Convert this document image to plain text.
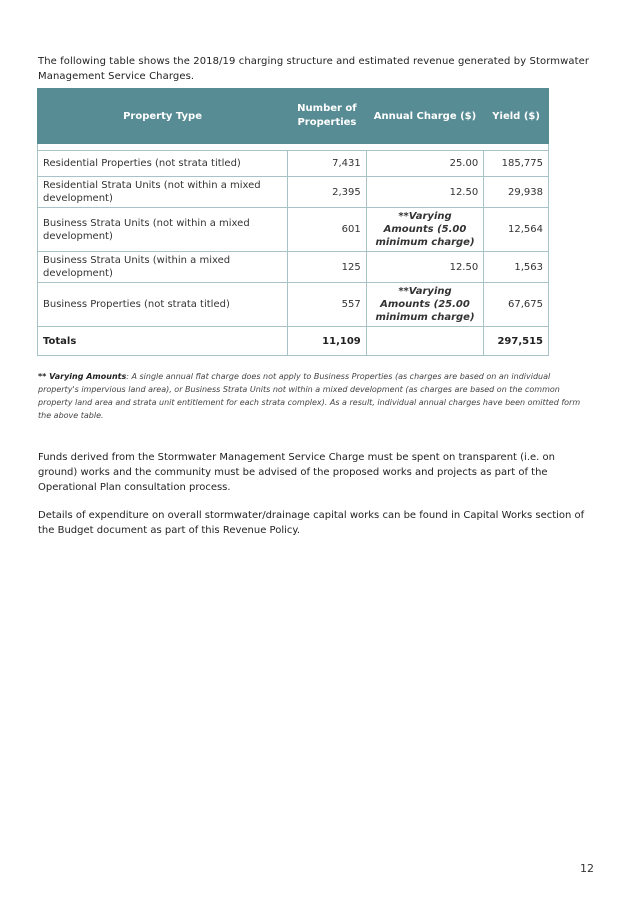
The following table shows the 2018/19 charging structure and estimated revenue generated by Stormwater Management Service Charges.

Property Type	Number of Properties	Annual Charge ($)	Yield ($)

Residential Properties (not strata titled)	7,431	25.00	185,775
Residential Strata Units (not within a mixed development)	2,395	12.50	29,938
Business Strata Units (not within a mixed development)	601	**Varying Amounts (5.00 minimum charge)	12,564
Business Strata Units (within a mixed development)	125	12.50	1,563
Business Properties (not strata titled)	557	**Varying Amounts (25.00 minimum charge)	67,675
Totals	11,109		297,515

** Varying Amounts: A single annual flat charge does not apply to Business Properties (as charges are based on an individual property's impervious land area), or Business Strata Units not within a mixed development (as charges are based on the common property land area and strata unit entitlement for each strata complex). As a result, individual annual charges have been omitted form the above table.

Funds derived from the Stormwater Management Service Charge must be spent on transparent (i.e. on ground) works and the community must be advised of the proposed works and projects as part of the Operational Plan consultation process.

Details of expenditure on overall stormwater/drainage capital works can be found in Capital Works section of the Budget document as part of this Revenue Policy.

12
